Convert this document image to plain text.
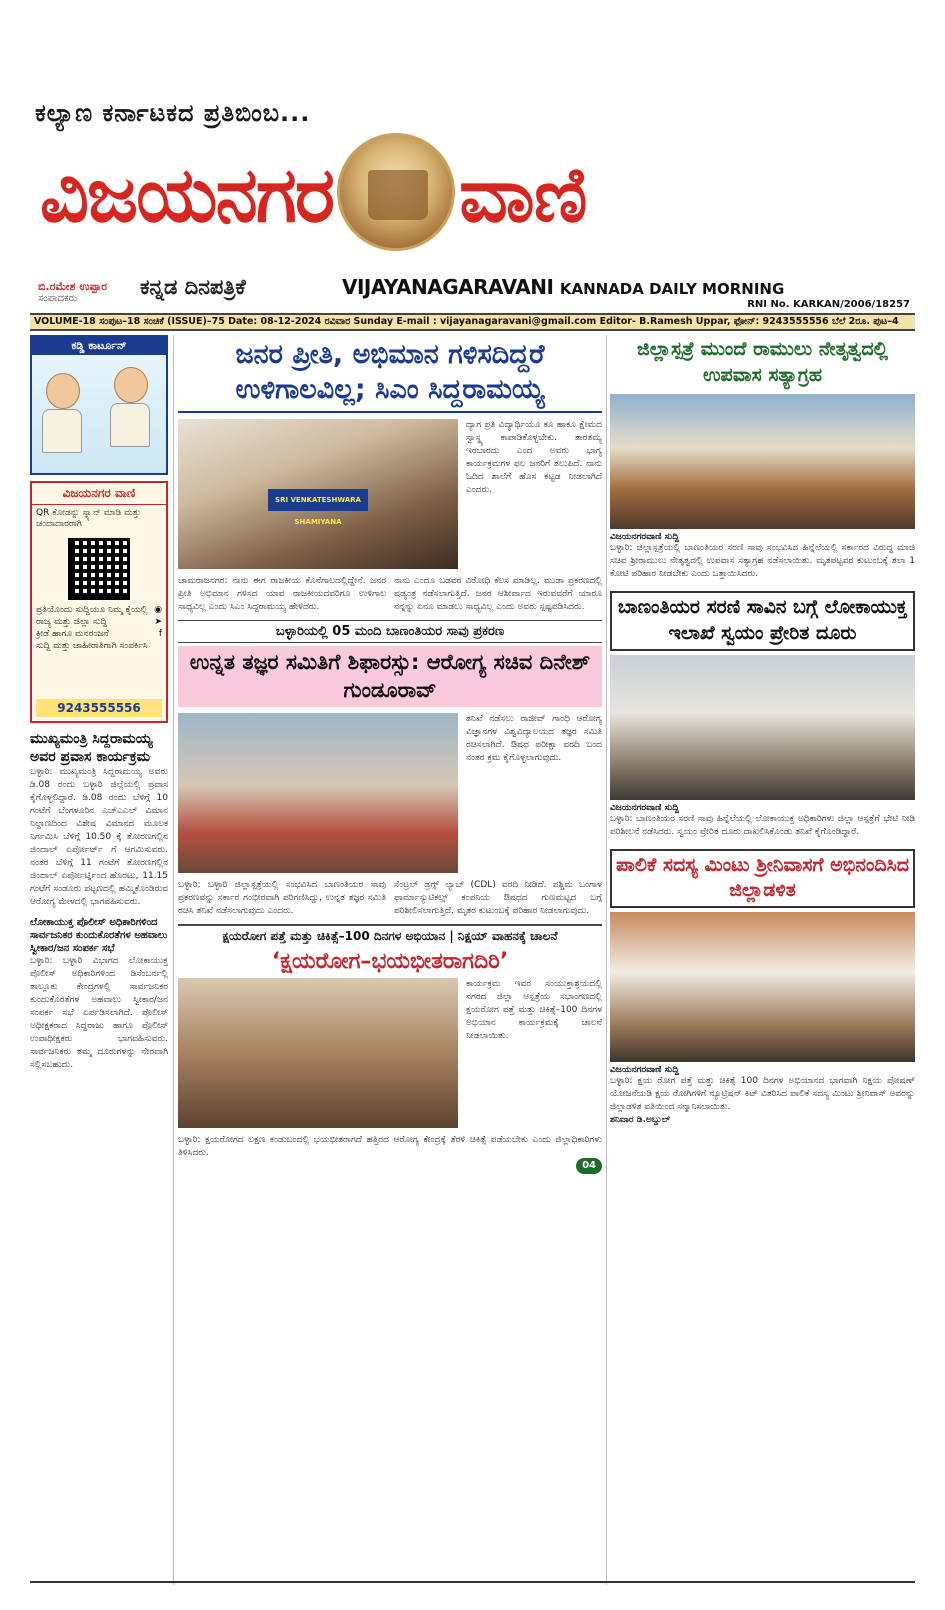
ಕಲ್ಯಾಣ ಕರ್ನಾಟಕದ ಪ್ರತಿಬಿಂಬ...
ವಿಜಯನಗರ ವಾಣಿ
ಬಿ.ರಮೇಶ ಉಪ್ಪಾರ
ಸಂಪಾದಕರು	ಕನ್ನಡ ದಿನಪತ್ರಿಕೆ	VIJAYANAGARAVANI KANNADA DAILY MORNING
RNI No. KARKAN/2006/18257
VOLUME-18 ಸಂಪುಟ–18 ಸಂಚಿಕೆ (ISSUE)–75 Date: 08-12-2024 ರವಿವಾರ Sunday E-mail : vijayanagaravani@gmail.com Editor- B.Ramesh Uppar, ಫೋನ್: 9243555556 ಬೆಲೆ 2ರೂ. ಪುಟ–4
ಕಡ್ಡಿ ಕಾರ್ಟೂನ್
ವಿಜಯನಗರ ವಾಣಿ
QR ಕೋಡನ್ನು ಸ್ಕ್ಯಾನ್ ಮಾಡಿ ಮತ್ತು ಚಂದಾದಾರರಾಗಿ
ಪ್ರತಿಯೊಂದು ಸುದ್ದಿಯೂ ನಿಮ್ಮ ಕೈಯಲ್ಲಿ ◉
ರಾಜ್ಯ ಮತ್ತು ಜಿಲ್ಲಾ ಸುದ್ದಿ	➤
ಕ್ರೀಡೆ ಹಾಗೂ ಮನರಂಜನೆ	f
ಸುದ್ದಿ ಮತ್ತು ಜಾಹೀರಾತಿಗಾಗಿ ಸಂಪರ್ಕಿಸಿ
9243555556
ಮುಖ್ಯಮಂತ್ರಿ ಸಿದ್ದರಾಮಯ್ಯ ಅವರ ಪ್ರವಾಸ ಕಾರ್ಯಕ್ರಮ
ಬಳ್ಳಾರಿ: ಮುಖ್ಯಮಂತ್ರಿ ಸಿದ್ದರಾಮಯ್ಯ ಅವರು ಡಿ.08 ರಂದು ಬಳ್ಳಾರಿ ಜಿಲ್ಲೆಯಲ್ಲಿ ಪ್ರವಾಸ ಕೈಗೊಳ್ಳಲಿದ್ದಾರೆ. ಡಿ.08 ರಂದು ಬೆಳಿಗ್ಗೆ 10 ಗಂಟೆಗೆ ಬೆಂಗಳೂರಿನ ಎಚ್ಎಎಲ್ ವಿಮಾನ ನಿಲ್ದಾಣದಿಂದ ವಿಶೇಷ ವಿಮಾನದ ಮೂಲಕ ನಿರ್ಗಮಿಸಿ ಬೆಳಿಗ್ಗೆ 10.50 ಕ್ಕೆ ತೋರಣಗಲ್ಲಿನ ಜಿಂದಾಲ್ ಏರ್ಪೋರ್ಟ್ ಗೆ ಆಗಮಿಸುವರು. ನಂತರ ಬೆಳಿಗ್ಗೆ 11 ಗಂಟೆಗೆ ತೋರಣಗಲ್ಲಿನ ಜಿಂದಾಲ್ ಏರ್ಪೋರ್ಟ್ನಿಂದ ಹೊರಟು, 11.15 ಗಂಟೆಗೆ ಸಂಡೂರು ಪಟ್ಟಣದಲ್ಲಿ ಹಮ್ಮಿಕೊಂಡಿರುವ ಆರೋಗ್ಯ ಮೇಳದಲ್ಲಿ ಭಾಗವಹಿಸುವರು.
ಲೋಕಾಯುಕ್ತ ಪೊಲೀಸ್ ಅಧಿಕಾರಿಗಳಿಂದ ಸಾರ್ವಜನಿಕರ ಕುಂದುಕೊರತೆಗಳ ಅಹವಾಲು ಸ್ವೀಕಾರ/ಜನ ಸಂಪರ್ಕ ಸಭೆ
ಬಳ್ಳಾರಿ: ಬಳ್ಳಾರಿ ವಿಭಾಗದ ಲೋಕಾಯುಕ್ತ ಪೊಲೀಸ್ ಅಧಿಕಾರಿಗಳಿಂದ ಡಿಸೆಂಬರ್ನಲ್ಲಿ ತಾಲ್ಲೂಕು ಕೇಂದ್ರಗಳಲ್ಲಿ ಸಾರ್ವಜನಿಕರ ಕುಂದುಕೊರತೆಗಳ ಅಹವಾಲು ಸ್ವೀಕಾರ/ಜನ ಸಂಪರ್ಕ ಸಭೆ ಏರ್ಪಡಿಸಲಾಗಿದೆ. ಪೊಲೀಸ್ ಅಧೀಕ್ಷಕರಾದ ಸಿದ್ದರಾಜು ಹಾಗೂ ಪೊಲೀಸ್ ಉಪಾಧೀಕ್ಷಕರು ಭಾಗವಹಿಸುವರು. ಸಾರ್ವಜನಿಕರು ತಮ್ಮ ದೂರುಗಳನ್ನು ನೇರವಾಗಿ ಸಲ್ಲಿಸಬಹುದು.
ಜನರ ಪ್ರೀತಿ, ಅಭಿಮಾನ ಗಳಿಸದಿದ್ದರೆ ಉಳಿಗಾಲವಿಲ್ಲ; ಸಿಎಂ ಸಿದ್ದರಾಮಯ್ಯ
SRI VENKATESHWARA SHAMIYANA
ದ್ಯಾಗ ಪ್ರತಿ ವಿದ್ಯಾರ್ಥಿಯೂ ಕೂ ಹಾಕೂ ಕ್ಷೇಮದ ಸ್ವಾಸ್ಥ್ಯ ಕಾಪಾಡಿಕೊಳ್ಳಬೇಕು. ತಾರತಮ್ಯ ಇರಬಾರದು ಎಂದ ಅವರು ಭಾಗ್ಯ ಕಾರ್ಯಕ್ರಮಗಳ ಫಲ ಜನರಿಗೆ ತಲುಪಿದೆ. ನಾನು ಓದಿದ ಶಾಲೆಗೆ ಹೊಸ ಕಟ್ಟಡ ನೀಡಲಾಗಿದೆ ಎಂದರು.
ಚಾಮರಾಜನಗರ: ನಾನು ಈಗ ರಾಜಕೀಯ ಕೊನೆಗಾಲದಲ್ಲಿದ್ದೇನೆ. ಜನರ ಪ್ರೀತಿ ಅಭಿಮಾನ ಗಳಿಸದ ಯಾವ ರಾಜಕೀಯದವರಿಗೂ ಉಳಿಗಾಲ ಸಾಧ್ಯವಿಲ್ಲ ಎಂದು ಸಿಎಂ ಸಿದ್ದರಾಮಯ್ಯ ಹೇಳಿದರು.
ನಾನು ಎಂದೂ ಬಡವರ ವಿರೋಧಿ ಕೆಲಸ ಮಾಡಿಲ್ಲ. ಮುಡಾ ಪ್ರಕರಣದಲ್ಲಿ ಷಡ್ಯಂತ್ರ ನಡೆಸಲಾಗುತ್ತಿದೆ. ಜನರ ಆಶೀರ್ವಾದ ಇರುವವರೆಗೆ ಯಾರೂ ನನ್ನನ್ನು ಏನೂ ಮಾಡಲು ಸಾಧ್ಯವಿಲ್ಲ ಎಂದು ಅವರು ಸ್ಪಷ್ಟಪಡಿಸಿದರು.
ಬಳ್ಳಾರಿಯಲ್ಲಿ 05 ಮಂದಿ ಬಾಣಂತಿಯರ ಸಾವು ಪ್ರಕರಣ
ಉನ್ನತ ತಜ್ಞರ ಸಮಿತಿಗೆ ಶಿಫಾರಸ್ಸು: ಆರೋಗ್ಯ ಸಚಿವ ದಿನೇಶ್ ಗುಂಡೂರಾವ್
ತನಿಖೆ ನಡೆಸಲು ರಾಜೀವ್ ಗಾಂಧಿ ಆರೋಗ್ಯ ವಿಜ್ಞಾನಗಳ ವಿಶ್ವವಿದ್ಯಾಲಯದ ತಜ್ಞರ ಸಮಿತಿ ರಚಿಸಲಾಗಿದೆ. ಔಷಧ ಪರೀಕ್ಷಾ ವರದಿ ಬಂದ ನಂತರ ಕ್ರಮ ಕೈಗೊಳ್ಳಲಾಗುವುದು.
ಬಳ್ಳಾರಿ: ಬಳ್ಳಾರಿ ಜಿಲ್ಲಾಸ್ಪತ್ರೆಯಲ್ಲಿ ಸಂಭವಿಸಿದ ಬಾಣಂತಿಯರ ಸಾವು ಪ್ರಕರಣವನ್ನು ಸರ್ಕಾರ ಗಂಭೀರವಾಗಿ ಪರಿಗಣಿಸಿದ್ದು, ಉನ್ನತ ತಜ್ಞರ ಸಮಿತಿ ರಚಿಸಿ ತನಿಖೆ ನಡೆಸಲಾಗುವುದು ಎಂದರು.
ಸೆಂಟ್ರಲ್ ಡ್ರಗ್ಸ್ ಲ್ಯಾಬ್ (CDL) ವರದಿ ನೀಡಿದೆ. ಪಶ್ಚಿಮ ಬಂಗಾಳ ಫಾರ್ಮಾಸ್ಯುಟಿಕಲ್ಸ್ ಕಂಪನಿಯ ಔಷಧದ ಗುಣಮಟ್ಟದ ಬಗ್ಗೆ ಪರಿಶೀಲಿಸಲಾಗುತ್ತಿದೆ. ಮೃತರ ಕುಟುಂಬಕ್ಕೆ ಪರಿಹಾರ ನೀಡಲಾಗುವುದು.
ಕ್ಷಯರೋಗ ಪತ್ತೆ ಮತ್ತು ಚಿಕಿತ್ಸೆ–100 ದಿನಗಳ ಅಭಿಯಾನ | ನಿಕ್ಷಯ್ ವಾಹನಕ್ಕೆ ಚಾಲನೆ
‘ಕ್ಷಯರೋಗ–ಭಯಭೀತರಾಗದಿರಿ’
ಕಾರ್ಯಕ್ರಮ ಇವರ ಸಂಯುಕ್ತಾಶ್ರಯದಲ್ಲಿ ನಗರದ ಜಿಲ್ಲಾ ಆಸ್ಪತ್ರೆಯ ಸಭಾಂಗಣದಲ್ಲಿ ಕ್ಷಯರೋಗ ಪತ್ತೆ ಮತ್ತು ಚಿಕಿತ್ಸೆ–100 ದಿನಗಳ ಅಭಿಯಾನ ಕಾರ್ಯಕ್ರಮಕ್ಕೆ ಚಾಲನೆ ನೀಡಲಾಯಿತು.
ಬಳ್ಳಾರಿ: ಕ್ಷಯರೋಗದ ಲಕ್ಷಣ ಕಂಡುಬಂದಲ್ಲಿ ಭಯಭೀತರಾಗದೆ ಹತ್ತಿರದ ಆರೋಗ್ಯ ಕೇಂದ್ರಕ್ಕೆ ತೆರಳಿ ಚಿಕಿತ್ಸೆ ಪಡೆಯಬೇಕು ಎಂದು ಜಿಲ್ಲಾಧಿಕಾರಿಗಳು ತಿಳಿಸಿದರು.
04
ಜಿಲ್ಲಾಸ್ಪತ್ರೆ ಮುಂದೆ ರಾಮುಲು ನೇತೃತ್ವದಲ್ಲಿ ಉಪವಾಸ ಸತ್ಯಾಗ್ರಹ
ವಿಜಯನಗರವಾಣಿ ಸುದ್ದಿ
ಬಳ್ಳಾರಿ: ಜಿಲ್ಲಾಸ್ಪತ್ರೆಯಲ್ಲಿ ಬಾಣಂತಿಯರ ಸರಣಿ ಸಾವು ಸಂಭವಿಸಿದ ಹಿನ್ನೆಲೆಯಲ್ಲಿ ಸರ್ಕಾರದ ವಿರುದ್ಧ ಮಾಜಿ ಸಚಿವ ಶ್ರೀರಾಮುಲು ನೇತೃತ್ವದಲ್ಲಿ ಉಪವಾಸ ಸತ್ಯಾಗ್ರಹ ನಡೆಸಲಾಯಿತು. ಮೃತಪಟ್ಟವರ ಕುಟುಂಬಕ್ಕೆ ತಲಾ 1 ಕೋಟಿ ಪರಿಹಾರ ನೀಡಬೇಕು ಎಂದು ಒತ್ತಾಯಿಸಿದರು.
ಬಾಣಂತಿಯರ ಸರಣಿ ಸಾವಿನ ಬಗ್ಗೆ ಲೋಕಾಯುಕ್ತ ಇಲಾಖೆ ಸ್ವಯಂ ಪ್ರೇರಿತ ದೂರು
ವಿಜಯನಗರವಾಣಿ ಸುದ್ದಿ
ಬಳ್ಳಾರಿ: ಬಾಣಂತಿಯರ ಸರಣಿ ಸಾವು ಹಿನ್ನೆಲೆಯಲ್ಲಿ ಲೋಕಾಯುಕ್ತ ಅಧಿಕಾರಿಗಳು ಜಿಲ್ಲಾ ಆಸ್ಪತ್ರೆಗೆ ಭೇಟಿ ನೀಡಿ ಪರಿಶೀಲನೆ ನಡೆಸಿದರು. ಸ್ವಯಂ ಪ್ರೇರಿತ ದೂರು ದಾಖಲಿಸಿಕೊಂಡು ತನಿಖೆ ಕೈಗೊಂಡಿದ್ದಾರೆ.
ಪಾಲಿಕೆ ಸದಸ್ಯ ಮಿಂಟು ಶ್ರೀನಿವಾಸಗೆ ಅಭಿನಂದಿಸಿದ ಜಿಲ್ಲಾಡಳಿತ
ವಿಜಯನಗರವಾಣಿ ಸುದ್ದಿ
ಬಳ್ಳಾರಿ: ಕ್ಷಯ ರೋಗ ಪತ್ತೆ ಮತ್ತು ಚಿಕಿತ್ಸೆ 100 ದಿನಗಳ ಅಭಿಯಾನದ ಭಾಗವಾಗಿ ನಿಕ್ಷಯ ಪೋಷಣ್ ಯೋಜನೆಯಡಿ ಕ್ಷಯ ರೋಗಿಗಳಿಗೆ ನ್ಯೂಟ್ರಿಷನ್ ಕಿಟ್ ವಿತರಿಸಿದ ಪಾಲಿಕೆ ಸದಸ್ಯ ಮಿಂಟು ಶ್ರೀನಿವಾಸ್ ಅವರನ್ನು ಜಿಲ್ಲಾಡಳಿತ ವತಿಯಿಂದ ಸನ್ಮಾನಿಸಲಾಯಿತು.
ಶನಿವಾರ ಡಿ.ಅಬ್ದುಲ್
